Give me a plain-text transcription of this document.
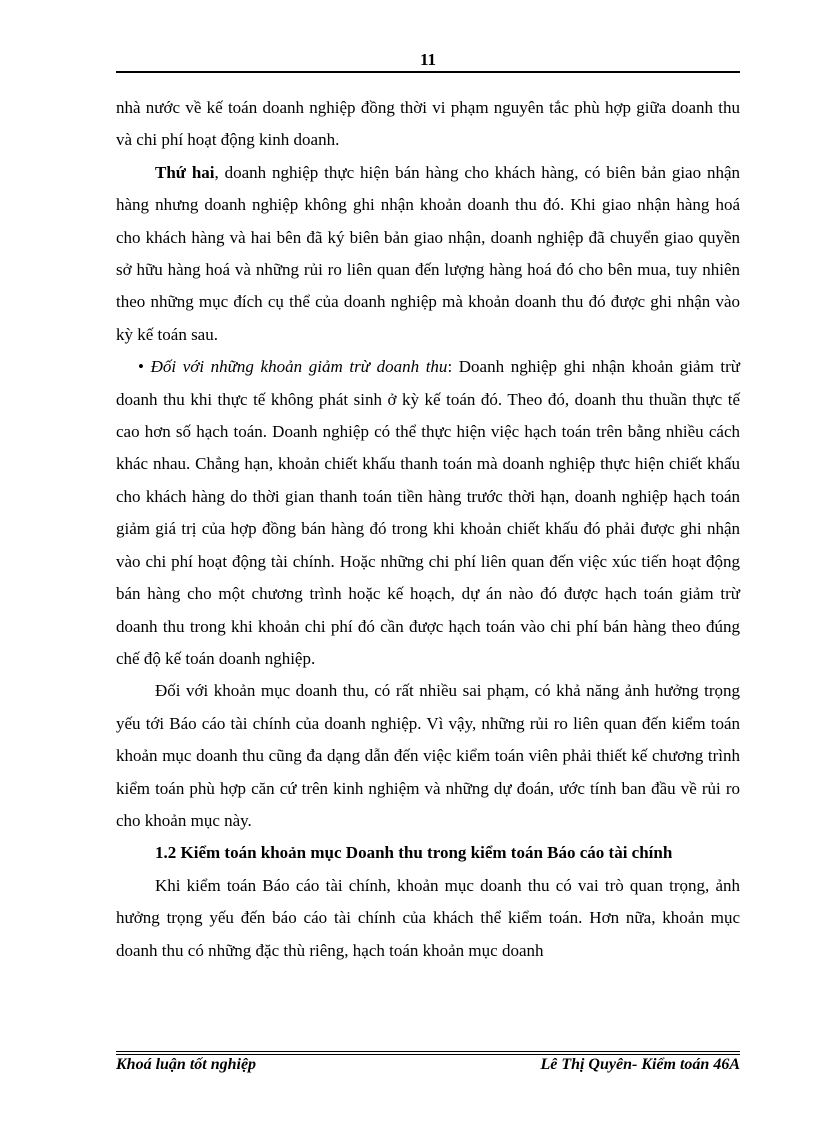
11

nhà nước về kế toán doanh nghiệp đồng thời vi phạm nguyên tắc phù hợp giữa doanh thu và chi phí hoạt động kinh doanh.

Thứ hai, doanh nghiệp thực hiện bán hàng cho khách hàng, có biên bản giao nhận hàng nhưng doanh nghiệp không ghi nhận khoản doanh thu đó. Khi giao nhận hàng hoá cho khách hàng và hai bên đã ký biên bản giao nhận, doanh nghiệp đã chuyển giao quyền sở hữu hàng hoá và những rủi ro liên quan đến lượng hàng hoá đó cho bên mua, tuy nhiên theo những mục đích cụ thể của doanh nghiệp mà khoản doanh thu đó được ghi nhận vào kỳ kế toán sau.

• Đối với những khoản giảm trừ doanh thu: Doanh nghiệp ghi nhận khoản giảm trừ doanh thu khi thực tế không phát sinh ở kỳ kế toán đó. Theo đó, doanh thu thuần thực tế cao hơn số hạch toán. Doanh nghiệp có thể thực hiện việc hạch toán trên bằng nhiều cách khác nhau. Chẳng hạn, khoản chiết khấu thanh toán mà doanh nghiệp thực hiện chiết khấu cho khách hàng do thời gian thanh toán tiền hàng trước thời hạn, doanh nghiệp hạch toán giảm giá trị của hợp đồng bán hàng đó trong khi khoản chiết khấu đó phải được ghi nhận vào chi phí hoạt động tài chính. Hoặc những chi phí liên quan đến việc xúc tiến hoạt động bán hàng cho một chương trình hoặc kế hoạch, dự án nào đó được hạch toán giảm trừ doanh thu trong khi khoản chi phí đó cần được hạch toán vào chi phí bán hàng theo đúng chế độ kế toán doanh nghiệp.

Đối với khoản mục doanh thu, có rất nhiều sai phạm, có khả năng ảnh hưởng trọng yếu tới Báo cáo tài chính của doanh nghiệp. Vì vậy, những rủi ro liên quan đến kiểm toán khoản mục doanh thu cũng đa dạng dẫn đến việc kiểm toán viên phải thiết kế chương trình kiểm toán phù hợp căn cứ trên kinh nghiệm và những dự đoán, ước tính ban đầu về rủi ro cho khoản mục này.

1.2 Kiểm toán khoản mục Doanh thu trong kiểm toán Báo cáo tài chính

Khi kiểm toán Báo cáo tài chính, khoản mục doanh thu có vai trò quan trọng, ảnh hưởng trọng yếu đến báo cáo tài chính của khách thể kiểm toán. Hơn nữa, khoản mục doanh thu có những đặc thù riêng, hạch toán khoản mục doanh

Khoá luận tốt nghiệp	Lê Thị Quyên- Kiểm toán 46A
